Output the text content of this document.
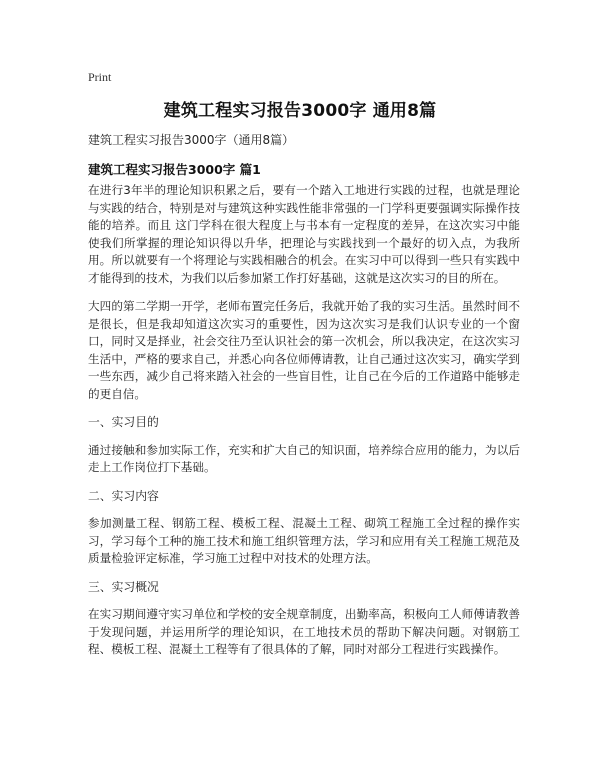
Print
建筑工程实习报告3000字 通用8篇
建筑工程实习报告3000字（通用8篇）
建筑工程实习报告3000字 篇1

在进行3年半的理论知识积累之后，要有一个踏入工地进行实践的过程，也就是理论与实践的结合，特别是对与建筑这种实践性能非常强的一门学科更要强调实际操作技能的培养。而且 这门学科在很大程度上与书本有一定程度的差异，在这次实习中能使我们所掌握的理论知识得以升华，把理论与实践找到一个最好的切入点，为我所用。所以就要有一个将理论与实践相融合的机会。在实习中可以得到一些只有实践中才能得到的技术，为我们以后参加紧工作打好基础，这就是这次实习的目的所在。

大四的第二学期一开学，老师布置完任务后，我就开始了我的实习生活。虽然时间不是很长，但是我却知道这次实习的重要性，因为这次实习是我们认识专业的一个窗口，同时又是择业，社会交往乃至认识社会的第一次机会，所以我决定，在这次实习生活中，严格的要求自己，并悉心向各位师傅请教，让自己通过这次实习，确实学到一些东西，减少自己将来踏入社会的一些盲目性，让自己在今后的工作道路中能够走的更自信。

一、实习目的

通过接触和参加实际工作，充实和扩大自己的知识面，培养综合应用的能力，为以后走上工作岗位打下基础。

二、实习内容

参加测量工程、钢筋工程、模板工程、混凝土工程、砌筑工程施工全过程的操作实习，学习每个工种的施工技术和施工组织管理方法，学习和应用有关工程施工规范及质量检验评定标准，学习施工过程中对技术的处理方法。

三、实习概况

在实习期间遵守实习单位和学校的安全规章制度，出勤率高，积极向工人师傅请教善于发现问题，并运用所学的理论知识，在工地技术员的帮助下解决问题。对钢筋工程、模板工程、混凝土工程等有了很具体的了解，同时对部分工程进行实践操作。
